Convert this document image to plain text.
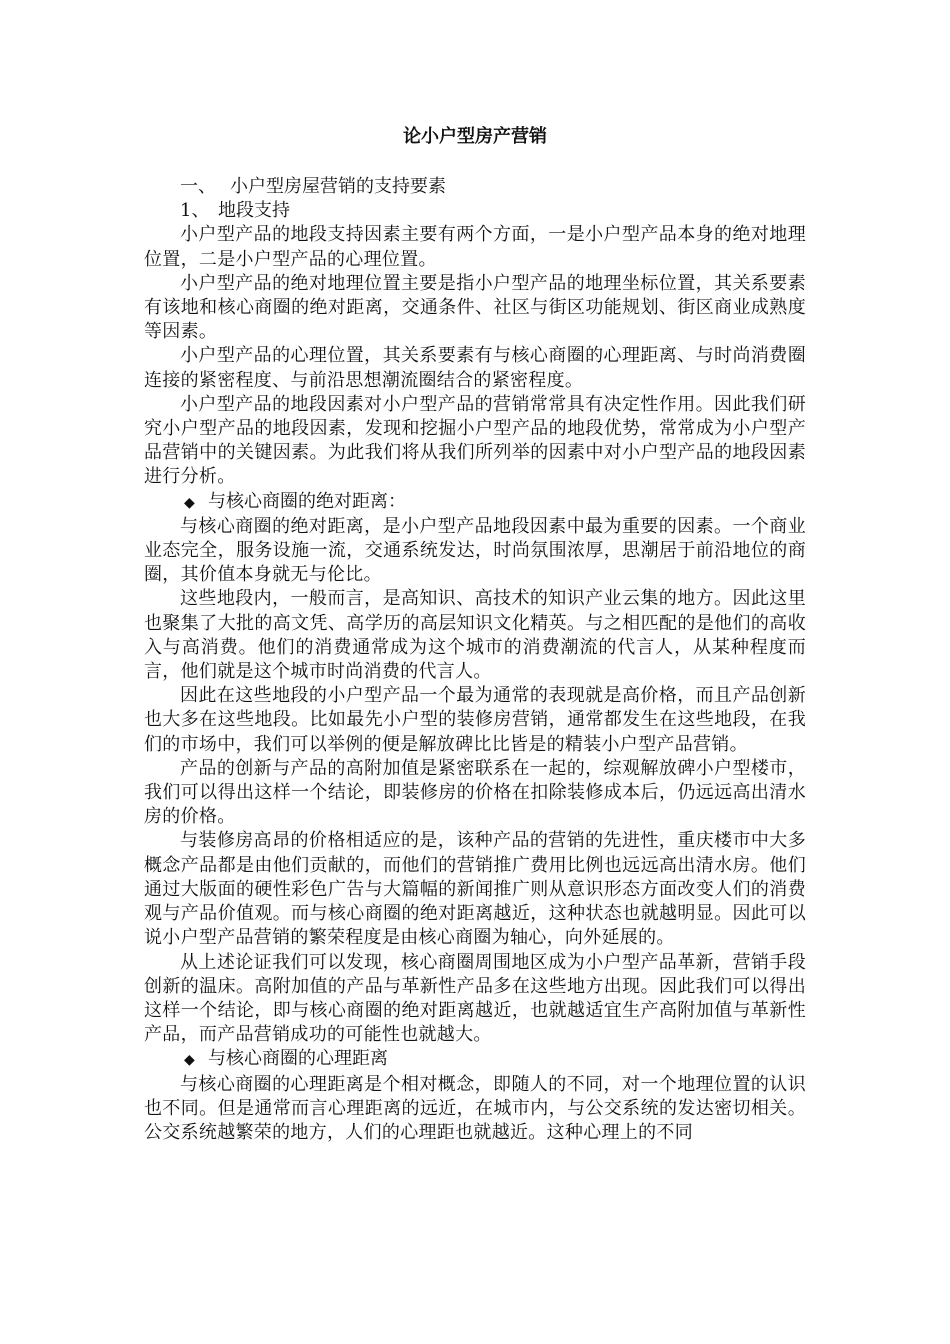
论小户型房产营销
一、 小户型房屋营销的支持要素
1、 地段支持

小户型产品的地段支持因素主要有两个方面，一是小户型产品本身的绝对地理位置，二是小户型产品的心理位置。

小户型产品的绝对地理位置主要是指小户型产品的地理坐标位置，其关系要素有该地和核心商圈的绝对距离，交通条件、社区与街区功能规划、街区商业成熟度等因素。

小户型产品的心理位置，其关系要素有与核心商圈的心理距离、与时尚消费圈连接的紧密程度、与前沿思想潮流圈结合的紧密程度。

小户型产品的地段因素对小户型产品的营销常常具有决定性作用。因此我们研究小户型产品的地段因素，发现和挖掘小户型产品的地段优势，常常成为小户型产品营销中的关键因素。为此我们将从我们所列举的因素中对小户型产品的地段因素进行分析。

◆ 与核心商圈的绝对距离：

与核心商圈的绝对距离，是小户型产品地段因素中最为重要的因素。一个商业业态完全，服务设施一流，交通系统发达，时尚氛围浓厚，思潮居于前沿地位的商圈，其价值本身就无与伦比。

这些地段内，一般而言，是高知识、高技术的知识产业云集的地方。因此这里也聚集了大批的高文凭、高学历的高层知识文化精英。与之相匹配的是他们的高收入与高消费。他们的消费通常成为这个城市的消费潮流的代言人，从某种程度而言，他们就是这个城市时尚消费的代言人。

因此在这些地段的小户型产品一个最为通常的表现就是高价格，而且产品创新也大多在这些地段。比如最先小户型的装修房营销，通常都发生在这些地段，在我们的市场中，我们可以举例的便是解放碑比比皆是的精装小户型产品营销。

产品的创新与产品的高附加值是紧密联系在一起的，综观解放碑小户型楼市，我们可以得出这样一个结论，即装修房的价格在扣除装修成本后，仍远远高出清水房的价格。

与装修房高昂的价格相适应的是，该种产品的营销的先进性，重庆楼市中大多概念产品都是由他们贡献的，而他们的营销推广费用比例也远远高出清水房。他们通过大版面的硬性彩色广告与大篇幅的新闻推广则从意识形态方面改变人们的消费观与产品价值观。而与核心商圈的绝对距离越近，这种状态也就越明显。因此可以说小户型产品营销的繁荣程度是由核心商圈为轴心，向外延展的。

从上述论证我们可以发现，核心商圈周围地区成为小户型产品革新，营销手段创新的温床。高附加值的产品与革新性产品多在这些地方出现。因此我们可以得出这样一个结论，即与核心商圈的绝对距离越近，也就越适宜生产高附加值与革新性产品，而产品营销成功的可能性也就越大。

◆ 与核心商圈的心理距离

与核心商圈的心理距离是个相对概念，即随人的不同，对一个地理位置的认识也不同。但是通常而言心理距离的远近，在城市内，与公交系统的发达密切相关。公交系统越繁荣的地方，人们的心理距也就越近。这种心理上的不同
